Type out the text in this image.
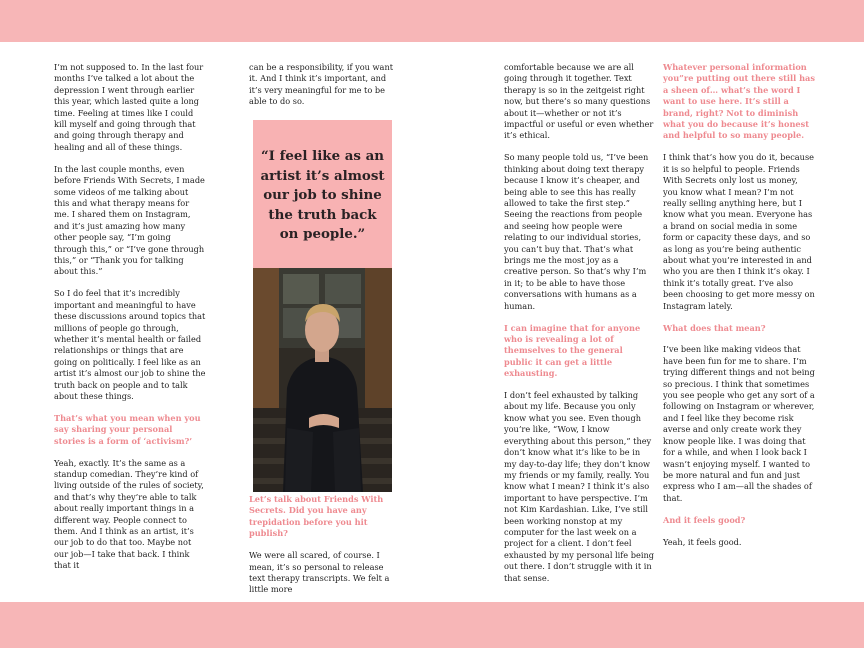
I’m not supposed to. In the last four months I’ve talked a lot about the depression I went through earlier this year, which lasted quite a long time. Feeling at times like I could kill myself and going through that and going through therapy and healing and all of these things.

In the last couple months, even before Friends With Secrets, I made some videos of me talking about this and what therapy means for me. I shared them on Instagram, and it’s just amazing how many other people say, “I’m going through this,” or “I’ve gone through this,” or “Thank you for talking about this.”

So I do feel that it’s incredibly important and meaningful to have these discussions around topics that millions of people go through, whether it’s mental health or failed relationships or things that are going on politically. I feel like as an artist it’s almost our job to shine the truth back on people and to talk about these things.

That’s what you mean when you say sharing your personal stories is a form of ‘activism?’

Yeah, exactly. It’s the same as a standup comedian. They’re kind of living outside of the rules of society, and that’s why they’re able to talk about really important things in a different way. People connect to them. And I think as an artist, it’s our job to do that too. Maybe not our job—I take that back. I think that it

can be a responsibility, if you want it. And I think it’s important, and it’s very meaningful for me to be able to do so.

“I feel like as an artist it’s almost our job to shine the truth back on people.”

Let’s talk about Friends With Secrets. Did you have any trepidation before you hit publish?

We were all scared, of course. I mean, it’s so personal to release text therapy transcripts. We felt a little more

comfortable because we are all going through it together. Text therapy is so in the zeitgeist right now, but there’s so many questions about it—whether or not it’s impactful or useful or even whether it’s ethical.

So many people told us, “I’ve been thinking about doing text therapy because I know it’s cheaper, and being able to see this has really allowed to take the first step.” Seeing the reactions from people and seeing how people were relating to our individual stories, you can’t buy that. That’s what brings me the most joy as a creative person. So that’s why I’m in it; to be able to have those conversations with humans as a human.

I can imagine that for anyone who is revealing a lot of themselves to the general public it can get a little exhausting.

I don’t feel exhausted by talking about my life. Because you only know what you see. Even though you’re like, “Wow, I know everything about this person,” they don’t know what it’s like to be in my day-to-day life; they don’t know my friends or my family, really. You know what I mean? I think it’s also important to have perspective. I’m not Kim Kardashian. Like, I’ve still been working nonstop at my computer for the last week on a project for a client. I don’t feel exhausted by my personal life being out there. I don’t struggle with it in that sense.

Whatever personal information you”re putting out there still has a sheen of… what’s the word I want to use here. It’s still a brand, right? Not to diminish what you do because it’s honest and helpful to so many people.

I think that’s how you do it, because it is so helpful to people. Friends With Secrets only lost us money, you know what I mean? I’m not really selling anything here, but I know what you mean. Everyone has a brand on social media in some form or capacity these days, and so as long as you’re being authentic about what you’re interested in and who you are then I think it’s okay. I think it’s totally great. I’ve also been choosing to get more messy on Instagram lately.

What does that mean?

I’ve been like making videos that have been fun for me to share. I’m trying different things and not being so precious. I think that sometimes you see people who get any sort of a following on Instagram or wherever, and I feel like they become risk averse and only create work they know people like. I was doing that for a while, and when I look back I wasn’t enjoying myself. I wanted to be more natural and fun and just express who I am—all the shades of that.

And it feels good?

Yeah, it feels good.
